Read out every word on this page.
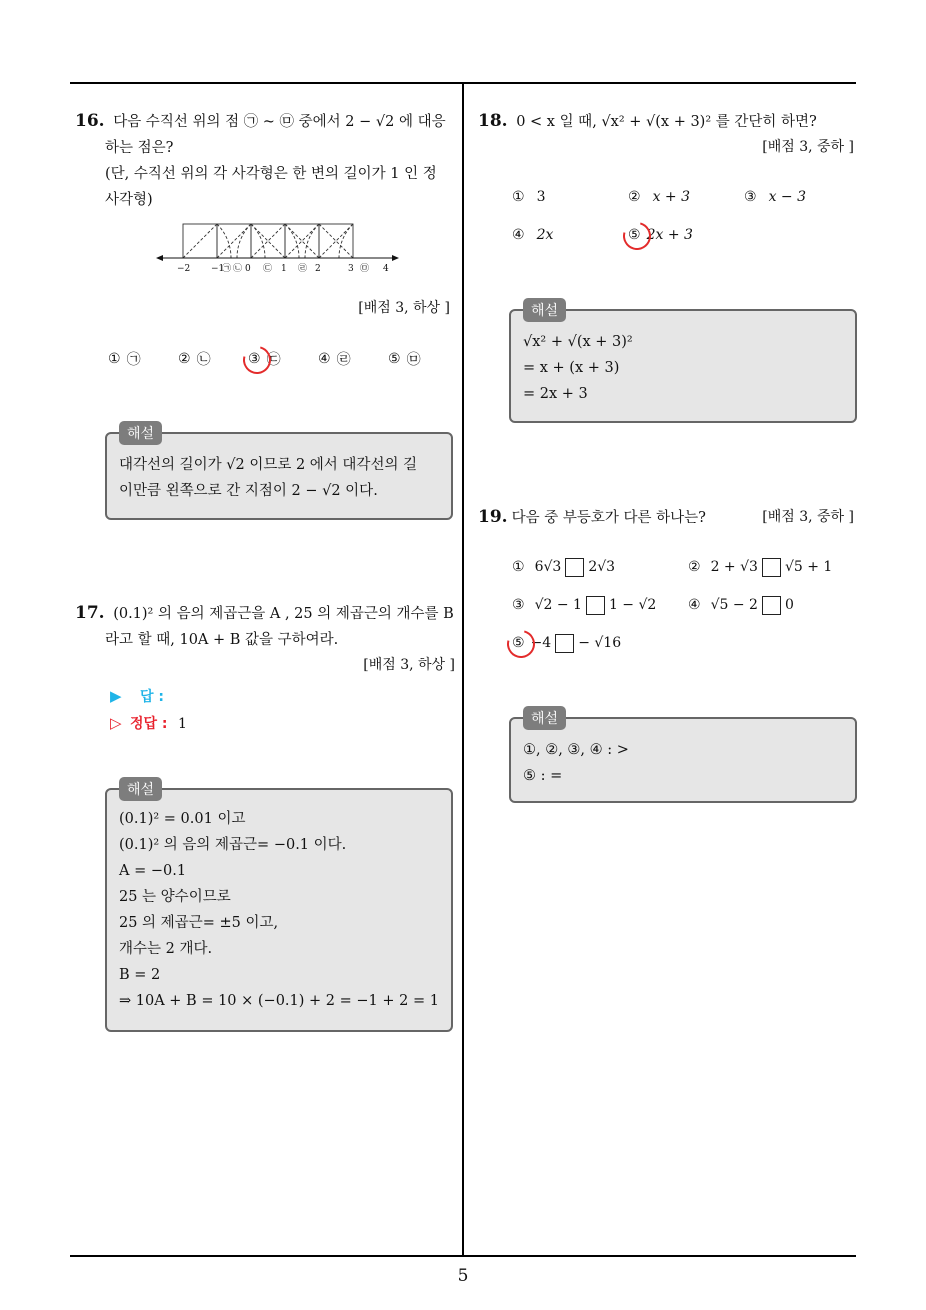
16. 다음 수직선 위의 점 ㉠ ~ ㉤ 중에서 2 − √2 에 대응
하는 점은?
(단, 수직선 위의 각 사각형은 한 변의 길이가 1 인 정
사각형)
−2 −1
㉠ ㉡ 0 ㉢ 1 ㉣ 2	3 ㉤ 4
[배점 3, 하상 ]
① ㉠	② ㉡	③ ㉢	④ ㉣	⑤ ㉤
해설
대각선의 길이가 √2 이므로 2 에서 대각선의 길
이만큼 왼쪽으로 간 지점이 2 − √2 이다.
17. (0.1)² 의 음의 제곱근을 A , 25 의 제곱근의 개수를 B
라고 할 때, 10A + B 값을 구하여라.
[배점 3, 하상 ]
▶ 답 :
▷ 정답 : 1
해설
(0.1)² = 0.01 이고
(0.1)² 의 음의 제곱근= −0.1 이다.
A = −0.1
25 는 양수이므로
25 의 제곱근= ±5 이고,
개수는 2 개다.
B = 2
⇒ 10A + B = 10 × (−0.1) + 2 = −1 + 2 = 1
18. 0 < x 일 때, √x² + √(x + 3)² 를 간단히 하면?
[배점 3, 중하 ]
① 3	② x + 3	③ x − 3
④ 2x	⑤ 2x + 3
해설
√x² + √(x + 3)²
= x + (x + 3)
= 2x + 3
19. 다음 중 부등호가 다른 하나는?	[배점 3, 중하 ]
① 6√3 2√3	② 2 + √3 √5 + 1
③ √2 − 1 1 − √2 ④ √5 − 2 0
⑤ −4 − √16
해설
①, ②, ③, ④ : >
⑤ : =
5
